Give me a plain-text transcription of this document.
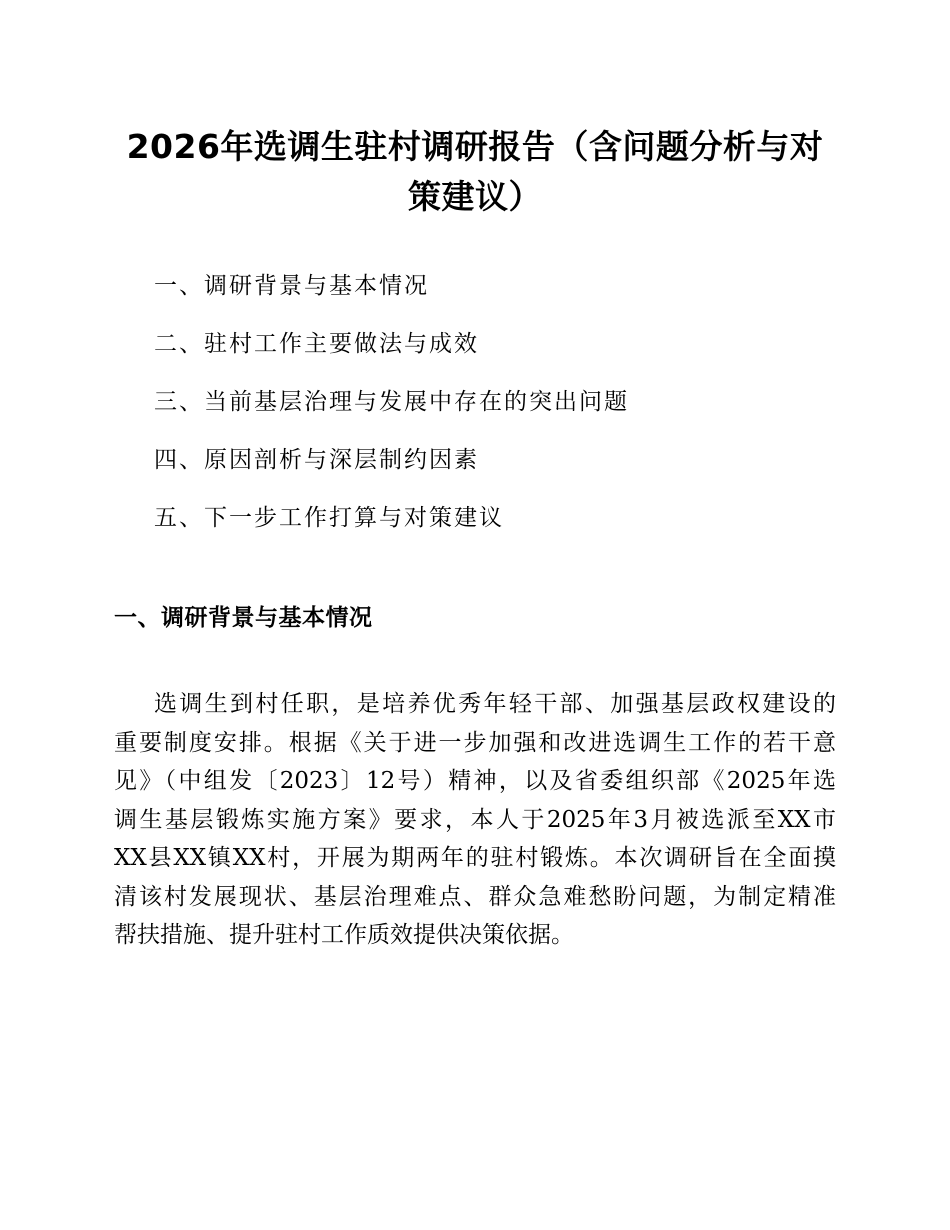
2026年选调生驻村调研报告（含问题分析与对策建议）
一、调研背景与基本情况
二、驻村工作主要做法与成效
三、当前基层治理与发展中存在的突出问题
四、原因剖析与深层制约因素
五、下一步工作打算与对策建议
一、调研背景与基本情况
选调生到村任职，是培养优秀年轻干部、加强基层政权建设的
重要制度安排。根据《关于进一步加强和改进选调生工作的若干意
见》（中组发〔2023〕12号）精神，以及省委组织部《2025年选
调生基层锻炼实施方案》要求，本人于2025年3月被选派至XX市
XX县XX镇XX村，开展为期两年的驻村锻炼。本次调研旨在全面摸
清该村发展现状、基层治理难点、群众急难愁盼问题，为制定精准
帮扶措施、提升驻村工作质效提供决策依据。
